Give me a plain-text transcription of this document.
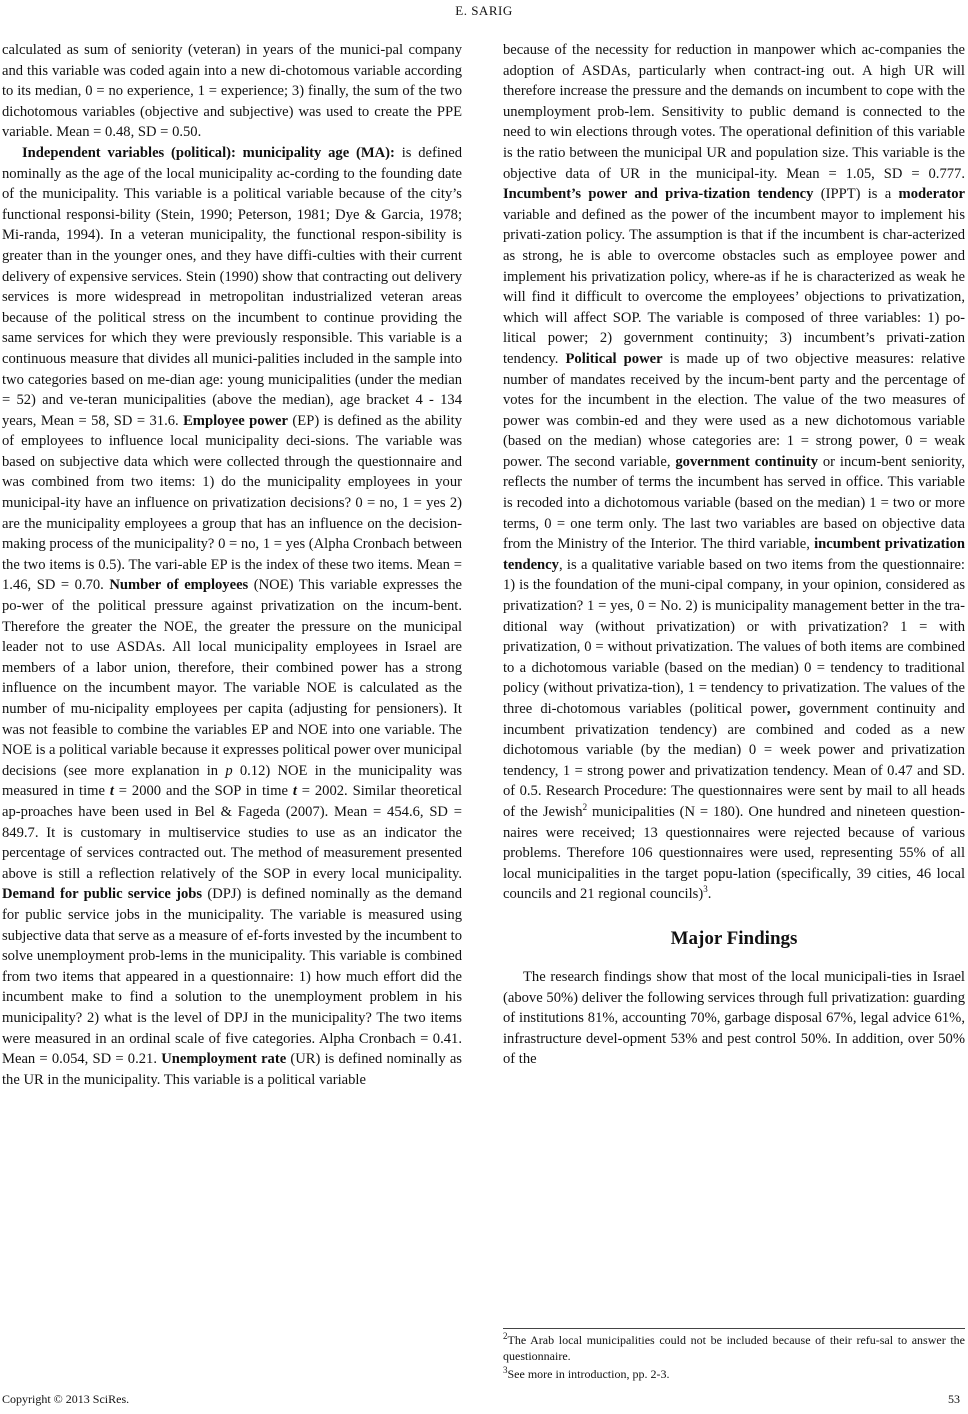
E. SARIG

calculated as sum of seniority (veteran) in years of the munici-pal company and this variable was coded again into a new di-chotomous variable according to its median, 0 = no experience, 1 = experience; 3) finally, the sum of the two dichotomous variables (objective and subjective) was used to create the PPE variable. Mean = 0.48, SD = 0.50.

Independent variables (political): municipality age (MA): is defined nominally as the age of the local municipality ac-cording to the founding date of the municipality. This variable is a political variable because of the city’s functional responsi-bility (Stein, 1990; Peterson, 1981; Dye & Garcia, 1978; Mi-randa, 1994). In a veteran municipality, the functional respon-sibility is greater than in the younger ones, and they have diffi-culties with their current delivery of expensive services. Stein (1990) show that contracting out delivery services is more widespread in metropolitan industrialized veteran areas because of the political stress on the incumbent to continue providing the same services for which they were previously responsible. This variable is a continuous measure that divides all munici-palities included in the sample into two categories based on me-dian age: young municipalities (under the median = 52) and ve-teran municipalities (above the median), age bracket 4 - 134 years, Mean = 58, SD = 31.6. Employee power (EP) is defined as the ability of employees to influence local municipality deci-sions. The variable was based on subjective data which were collected through the questionnaire and was combined from two items: 1) do the municipality employees in your municipal-ity have an influence on privatization decisions? 0 = no, 1 = yes 2) are the municipality employees a group that has an influence on the decision-making process of the municipality? 0 = no, 1 = yes (Alpha Cronbach between the two items is 0.5). The vari-able EP is the index of these two items. Mean = 1.46, SD = 0.70. Number of employees (NOE) This variable expresses the po-wer of the political pressure against privatization on the incum-bent. Therefore the greater the NOE, the greater the pressure on the municipal leader not to use ASDAs. All local municipality employees in Israel are members of a labor union, therefore, their combined power has a strong influence on the incumbent mayor. The variable NOE is calculated as the number of mu-nicipality employees per capita (adjusting for pensioners). It was not feasible to combine the variables EP and NOE into one variable. The NOE is a political variable because it expresses political power over municipal decisions (see more explanation in p 0.12) NOE in the municipality was measured in time t = 2000 and the SOP in time t = 2002. Similar theoretical ap-proaches have been used in Bel & Fageda (2007). Mean = 454.6, SD = 849.7. It is customary in multiservice studies to use as an indicator the percentage of services contracted out. The method of measurement presented above is still a reflection relatively of the SOP in every local municipality. Demand for public service jobs (DPJ) is defined nominally as the demand for public service jobs in the municipality. The variable is measured using subjective data that serve as a measure of ef-forts invested by the incumbent to solve unemployment prob-lems in the municipality. This variable is combined from two items that appeared in a questionnaire: 1) how much effort did the incumbent make to find a solution to the unemployment problem in his municipality? 2) what is the level of DPJ in the municipality? The two items were measured in an ordinal scale of five categories. Alpha Cronbach = 0.41. Mean = 0.054, SD = 0.21. Unemployment rate (UR) is defined nominally as the UR in the municipality. This variable is a political variable

because of the necessity for reduction in manpower which ac-companies the adoption of ASDAs, particularly when contract-ing out. A high UR will therefore increase the pressure and the demands on incumbent to cope with the unemployment prob-lem. Sensitivity to public demand is connected to the need to win elections through votes. The operational definition of this variable is the ratio between the municipal UR and population size. This variable is the objective data of UR in the municipal-ity. Mean = 1.05, SD = 0.777. Incumbent’s power and priva-tization tendency (IPPT) is a moderator variable and defined as the power of the incumbent mayor to implement his privati-zation policy. The assumption is that if the incumbent is char-acterized as strong, he is able to overcome obstacles such as employee power and implement his privatization policy, where-as if he is characterized as weak he will find it difficult to overcome the employees’ objections to privatization, which will affect SOP. The variable is composed of three variables: 1) po-litical power; 2) government continuity; 3) incumbent’s privati-zation tendency. Political power is made up of two objective measures: relative number of mandates received by the incum-bent party and the percentage of votes for the incumbent in the election. The value of the two measures of power was combin-ed and they were used as a new dichotomous variable (based on the median) whose categories are: 1 = strong power, 0 = weak power. The second variable, government continuity or incum-bent seniority, reflects the number of terms the incumbent has served in office. This variable is recoded into a dichotomous variable (based on the median) 1 = two or more terms, 0 = one term only. The last two variables are based on objective data from the Ministry of the Interior. The third variable, incumbent privatization tendency, is a qualitative variable based on two items from the questionnaire: 1) is the foundation of the muni-cipal company, in your opinion, considered as privatization? 1 = yes, 0 = No. 2) is municipality management better in the tra-ditional way (without privatization) or with privatization? 1 = with privatization, 0 = without privatization. The values of both items are combined to a dichotomous variable (based on the median) 0 = tendency to traditional policy (without privatiza-tion), 1 = tendency to privatization. The values of the three di-chotomous variables (political power, government continuity and incumbent privatization tendency) are combined and coded as a new dichotomous variable (by the median) 0 = week power and privatization tendency, 1 = strong power and privatization tendency. Mean of 0.47 and SD. of 0.5. Research Procedure: The questionnaires were sent by mail to all heads of the Jewish$^2$ municipalities (N = 180). One hundred and nineteen question-naires were received; 13 questionnaires were rejected because of various problems. Therefore 106 questionnaires were used, representing 55% of all local municipalities in the target popu-lation (specifically, 39 cities, 46 local councils and 21 regional councils)$^3$.

Major Findings

The research findings show that most of the local municipali-ties in Israel (above 50%) deliver the following services through full privatization: guarding of institutions 81%, accounting 70%, garbage disposal 67%, legal advice 61%, infrastructure devel-opment 53% and pest control 50%. In addition, over 50% of the

$^2$The Arab local municipalities could not be included because of their refu-sal to answer the questionnaire.

$^3$See more in introduction, pp. 2-3.

Copyright © 2013 SciRes.	53
